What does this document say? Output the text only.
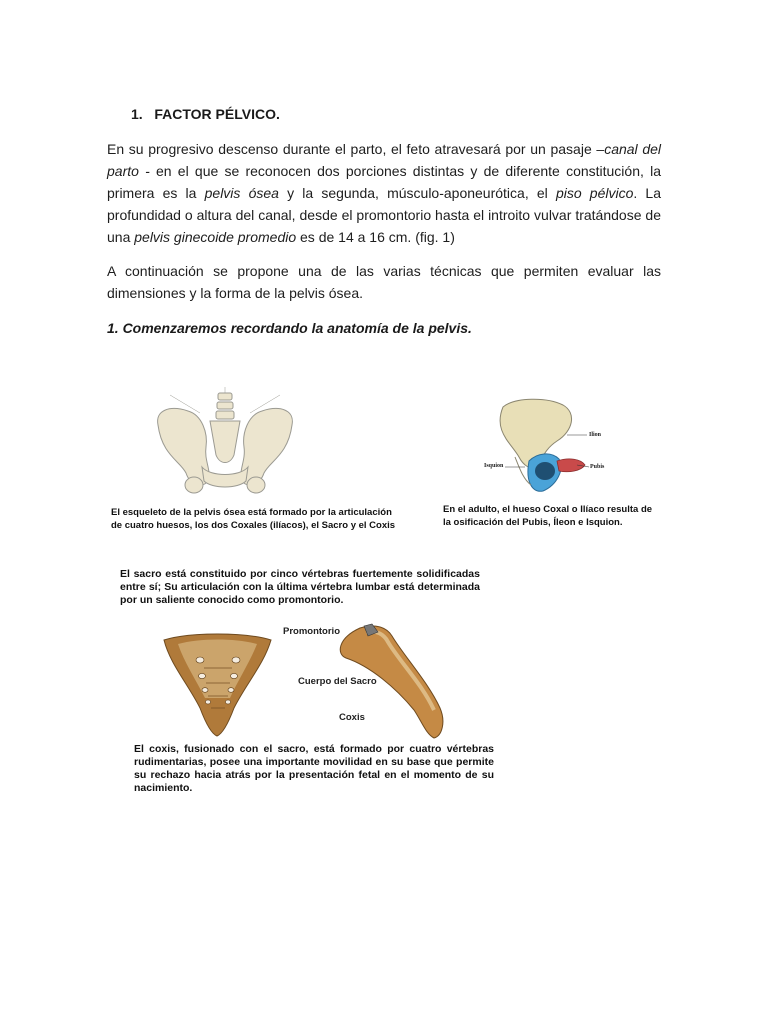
1. FACTOR PÉLVICO.

En su progresivo descenso durante el parto, el feto atravesará por un pasaje –canal del parto - en el que se reconocen dos porciones distintas y de diferente constitución, la primera es la pelvis ósea y la segunda, músculo-aponeurótica, el piso pélvico. La profundidad o altura del canal, desde el promontorio hasta el introito vulvar tratándose de una pelvis ginecoide promedio es de 14 a 16 cm. (fig. 1)

A continuación se propone una de las varias técnicas que permiten evaluar las dimensiones y la forma de la pelvis ósea.

1. Comenzaremos recordando la anatomía de la pelvis.

El esqueleto de la pelvis ósea está formado por la articulación de cuatro huesos, los dos Coxales (ilíacos), el Sacro y el Coxis

Ilion
Isquion	Pubis

En el adulto, el hueso Coxal o Ilíaco resulta de la osificación del Pubis, Íleon e Isquion.

El sacro está constituido por cinco vértebras fuertemente solidificadas entre sí; Su articulación con la última vértebra lumbar está determinada por un saliente conocido como promontorio.

Promontorio
Cuerpo del Sacro
Coxis

El coxis, fusionado con el sacro, está formado por cuatro vértebras rudimentarias, posee una importante movilidad en su base que permite su rechazo hacia atrás por la presentación fetal en el momento de su nacimiento.
